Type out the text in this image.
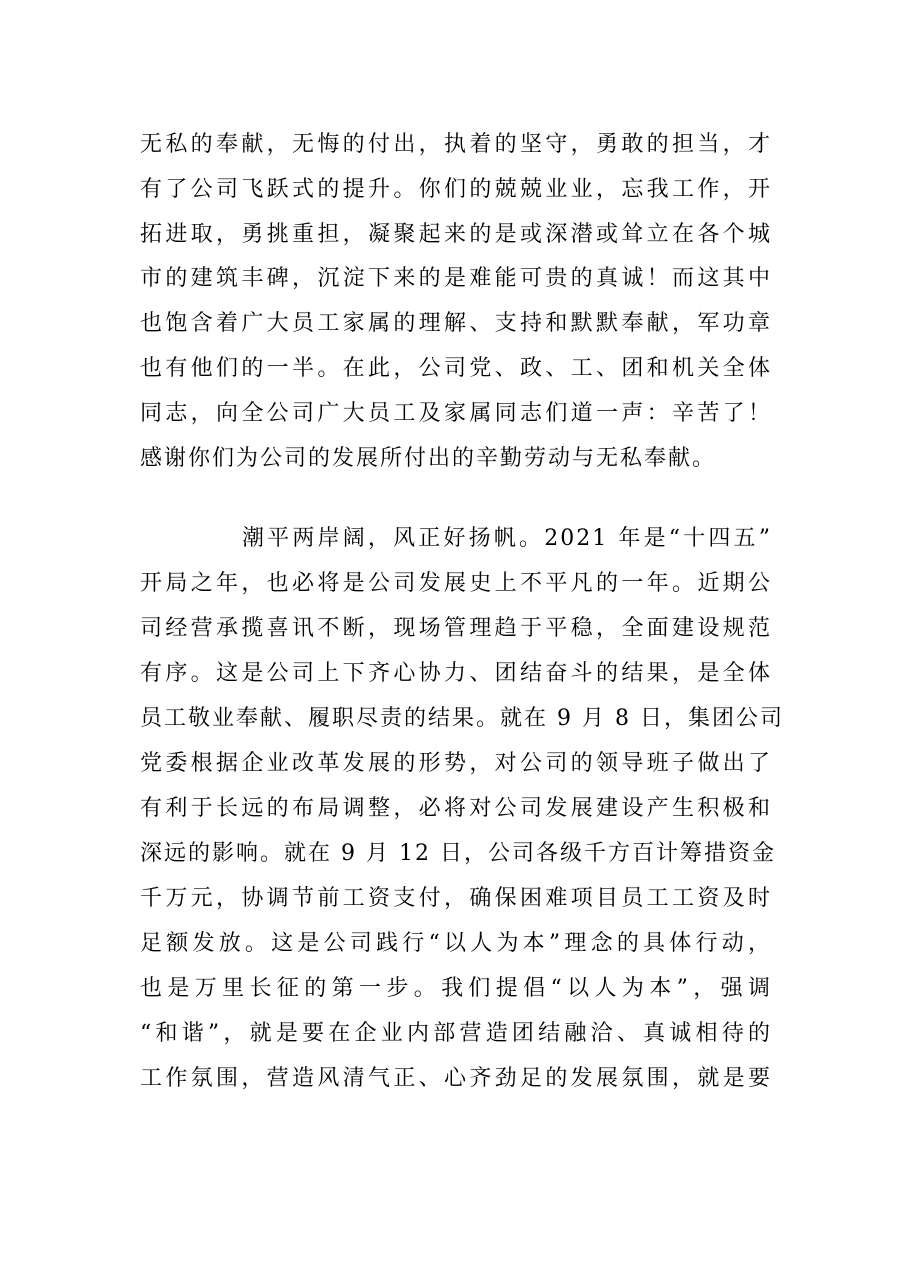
无私的奉献，无悔的付出，执着的坚守，勇敢的担当，才
有了公司飞跃式的提升。你们的兢兢业业，忘我工作，开
拓进取，勇挑重担，凝聚起来的是或深潜或耸立在各个城
市的建筑丰碑，沉淀下来的是难能可贵的真诚！而这其中
也饱含着广大员工家属的理解、支持和默默奉献，军功章
也有他们的一半。在此，公司党、政、工、团和机关全体
同志，向全公司广大员工及家属同志们道一声：辛苦了！
感谢你们为公司的发展所付出的辛勤劳动与无私奉献。
潮平两岸阔，风正好扬帆。2021 年是“十四五”
开局之年，也必将是公司发展史上不平凡的一年。近期公
司经营承揽喜讯不断，现场管理趋于平稳，全面建设规范
有序。这是公司上下齐心协力、团结奋斗的结果，是全体
员工敬业奉献、履职尽责的结果。就在 9 月 8 日，集团公司
党委根据企业改革发展的形势，对公司的领导班子做出了
有利于长远的布局调整，必将对公司发展建设产生积极和
深远的影响。就在 9 月 12 日，公司各级千方百计筹措资金
千万元，协调节前工资支付，确保困难项目员工工资及时
足额发放。这是公司践行“以人为本”理念的具体行动，
也是万里长征的第一步。我们提倡“以人为本”，强调
“和谐”，就是要在企业内部营造团结融洽、真诚相待的
工作氛围，营造风清气正、心齐劲足的发展氛围，就是要
